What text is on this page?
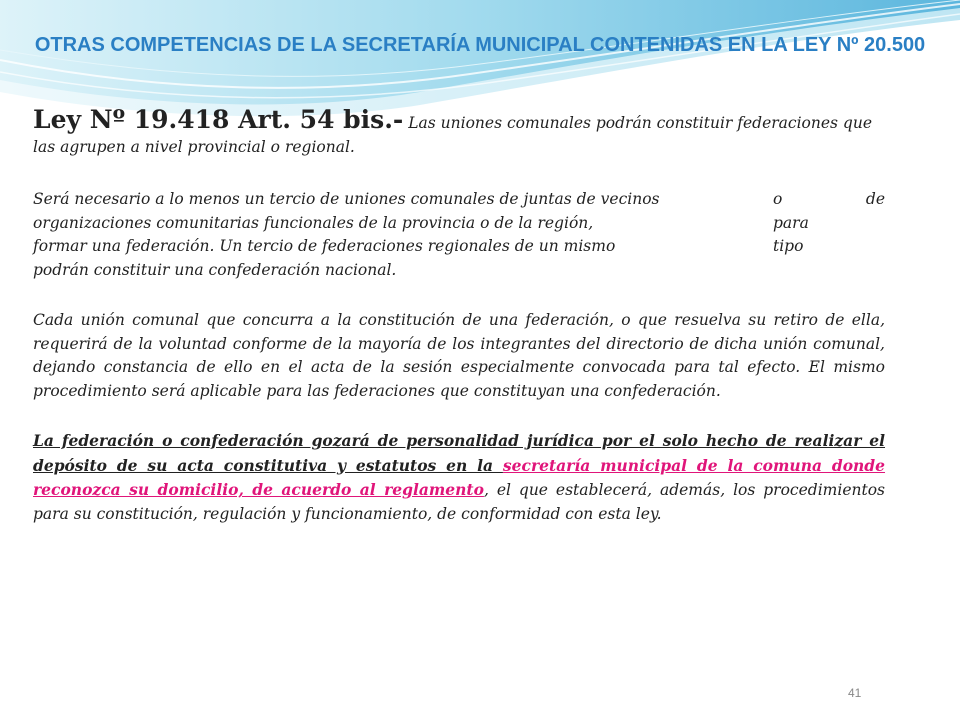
OTRAS COMPETENCIAS DE LA SECRETARÍA MUNICIPAL CONTENIDAS EN LA LEY Nº 20.500

Ley Nº 19.418 Art. 54 bis.- Las uniones comunales podrán constituir federaciones que las agrupen a nivel provincial o regional.

Será necesario a lo menos un tercio de uniones comunales de juntas de vecinos	o	de
organizaciones comunitarias funcionales de la provincia o de la región,	para
formar una federación. Un tercio de federaciones regionales de un mismo	tipo
podrán constituir una confederación nacional.

Cada unión comunal que concurra a la constitución de una federación, o que resuelva su retiro de ella, requerirá de la voluntad conforme de la mayoría de los integrantes del directorio de dicha unión comunal, dejando constancia de ello en el acta de la sesión especialmente convocada para tal efecto. El mismo procedimiento será aplicable para las federaciones que constituyan una confederación.

La federación o confederación gozará de personalidad jurídica por el solo hecho de realizar el depósito de su acta constitutiva y estatutos en la secretaría municipal de la comuna donde reconozca su domicilio, de acuerdo al reglamento, el que establecerá, además, los procedimientos para su constitución, regulación y funcionamiento, de conformidad con esta ley.

41
